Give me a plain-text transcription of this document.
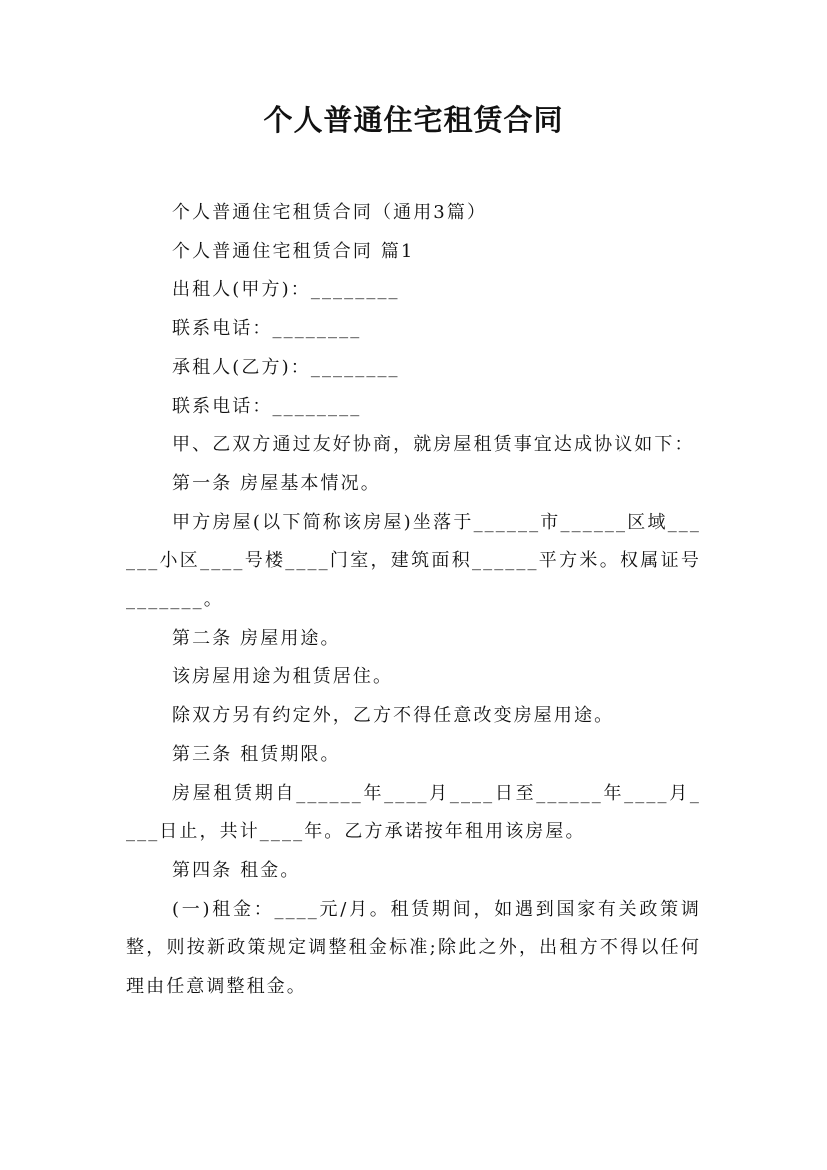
个人普通住宅租赁合同

个人普通住宅租赁合同（通用3篇）

个人普通住宅租赁合同 篇1

出租人(甲方)：________

联系电话：________

承租人(乙方)：________

联系电话：________

甲、乙双方通过友好协商，就房屋租赁事宜达成协议如下：

第一条 房屋基本情况。

甲方房屋(以下简称该房屋)坐落于______市______区域______小区____号楼____门室，建筑面积______平方米。权属证号_______。

第二条 房屋用途。

该房屋用途为租赁居住。

除双方另有约定外，乙方不得任意改变房屋用途。

第三条 租赁期限。

房屋租赁期自______年____月____日至______年____月____日止，共计____年。乙方承诺按年租用该房屋。

第四条 租金。

(一)租金：____元/月。租赁期间，如遇到国家有关政策调整，则按新政策规定调整租金标准;除此之外，出租方不得以任何理由任意调整租金。
